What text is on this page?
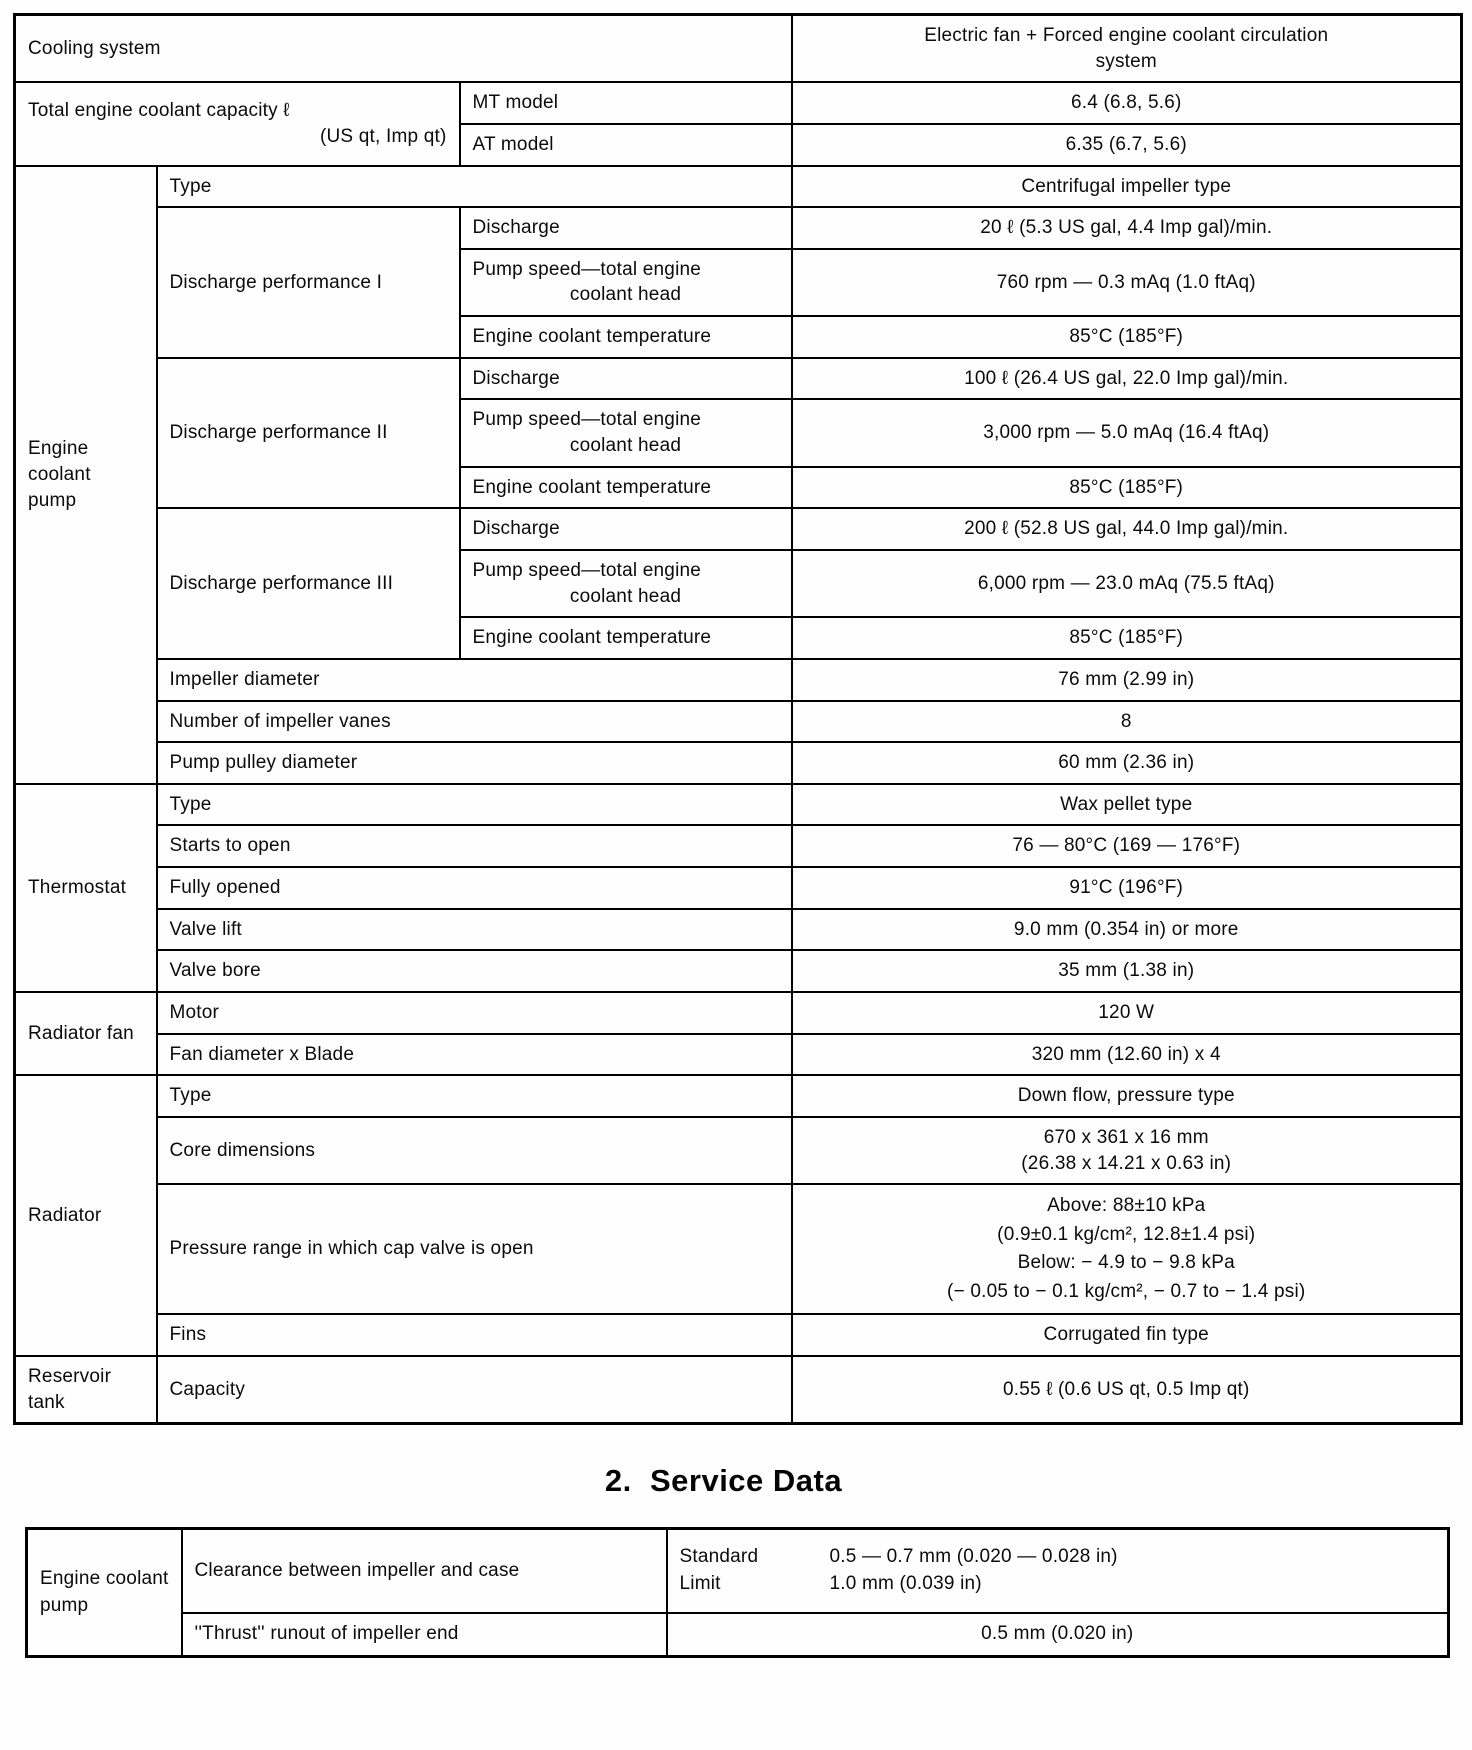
Cooling system			Electric fan + Forced engine coolant circulation
system

Total engine coolant capacity ℓ
(US qt, Imp qt)		MT model	6.4 (6.8, 5.6)
		AT model	6.35 (6.7, 5.6)
Engine coolant pump	Type		Centrifugal impeller type
	Discharge performance I	Discharge	20 ℓ (5.3 US gal, 4.4 Imp gal)/min.

		Pump speed—total engine
coolant head	760 rpm — 0.3 mAq (1.0 ftAq)
		Engine coolant temperature	85°C (185°F)
	Discharge performance II	Discharge	100 ℓ (26.4 US gal, 22.0 Imp gal)/min.

		Pump speed—total engine
coolant head	3,000 rpm — 5.0 mAq (16.4 ftAq)
		Engine coolant temperature	85°C (185°F)
	Discharge performance III	Discharge	200 ℓ (52.8 US gal, 44.0 Imp gal)/min.

		Pump speed—total engine
coolant head	6,000 rpm — 23.0 mAq (75.5 ftAq)
		Engine coolant temperature	85°C (185°F)
	Impeller diameter		76 mm (2.99 in)
	Number of impeller vanes		8
	Pump pulley diameter		60 mm (2.36 in)
Thermostat	Type		Wax pellet type
	Starts to open		76 — 80°C (169 — 176°F)
	Fully opened		91°C (196°F)
	Valve lift		9.0 mm (0.354 in) or more
	Valve bore		35 mm (1.38 in)
Radiator fan	Motor		120 W
	Fan diameter x Blade		320 mm (12.60 in) x 4
Radiator	Type		Down flow, pressure type
	Core dimensions		670 x 361 x 16 mm
(26.38 x 14.21 x 0.63 in)

	Pressure range in which cap valve is open		Above: 88±10 kPa
(0.9±0.1 kg/cm², 12.8±1.4 psi)
Below: − 4.9 to − 9.8 kPa
(− 0.05 to − 0.1 kg/cm², − 0.7 to − 1.4 psi)

	Fins		Corrugated fin type
Reservoir tank	Capacity		0.55 ℓ (0.6 US qt, 0.5 Imp qt)
2.  Service Data
Engine coolant pump	Clearance between impeller and case	Standard 0.5 — 0.7 mm (0.020 — 0.028 in)
Limit 1.0 mm (0.039 in)

	''Thrust'' runout of impeller end	0.5 mm (0.020 in)
